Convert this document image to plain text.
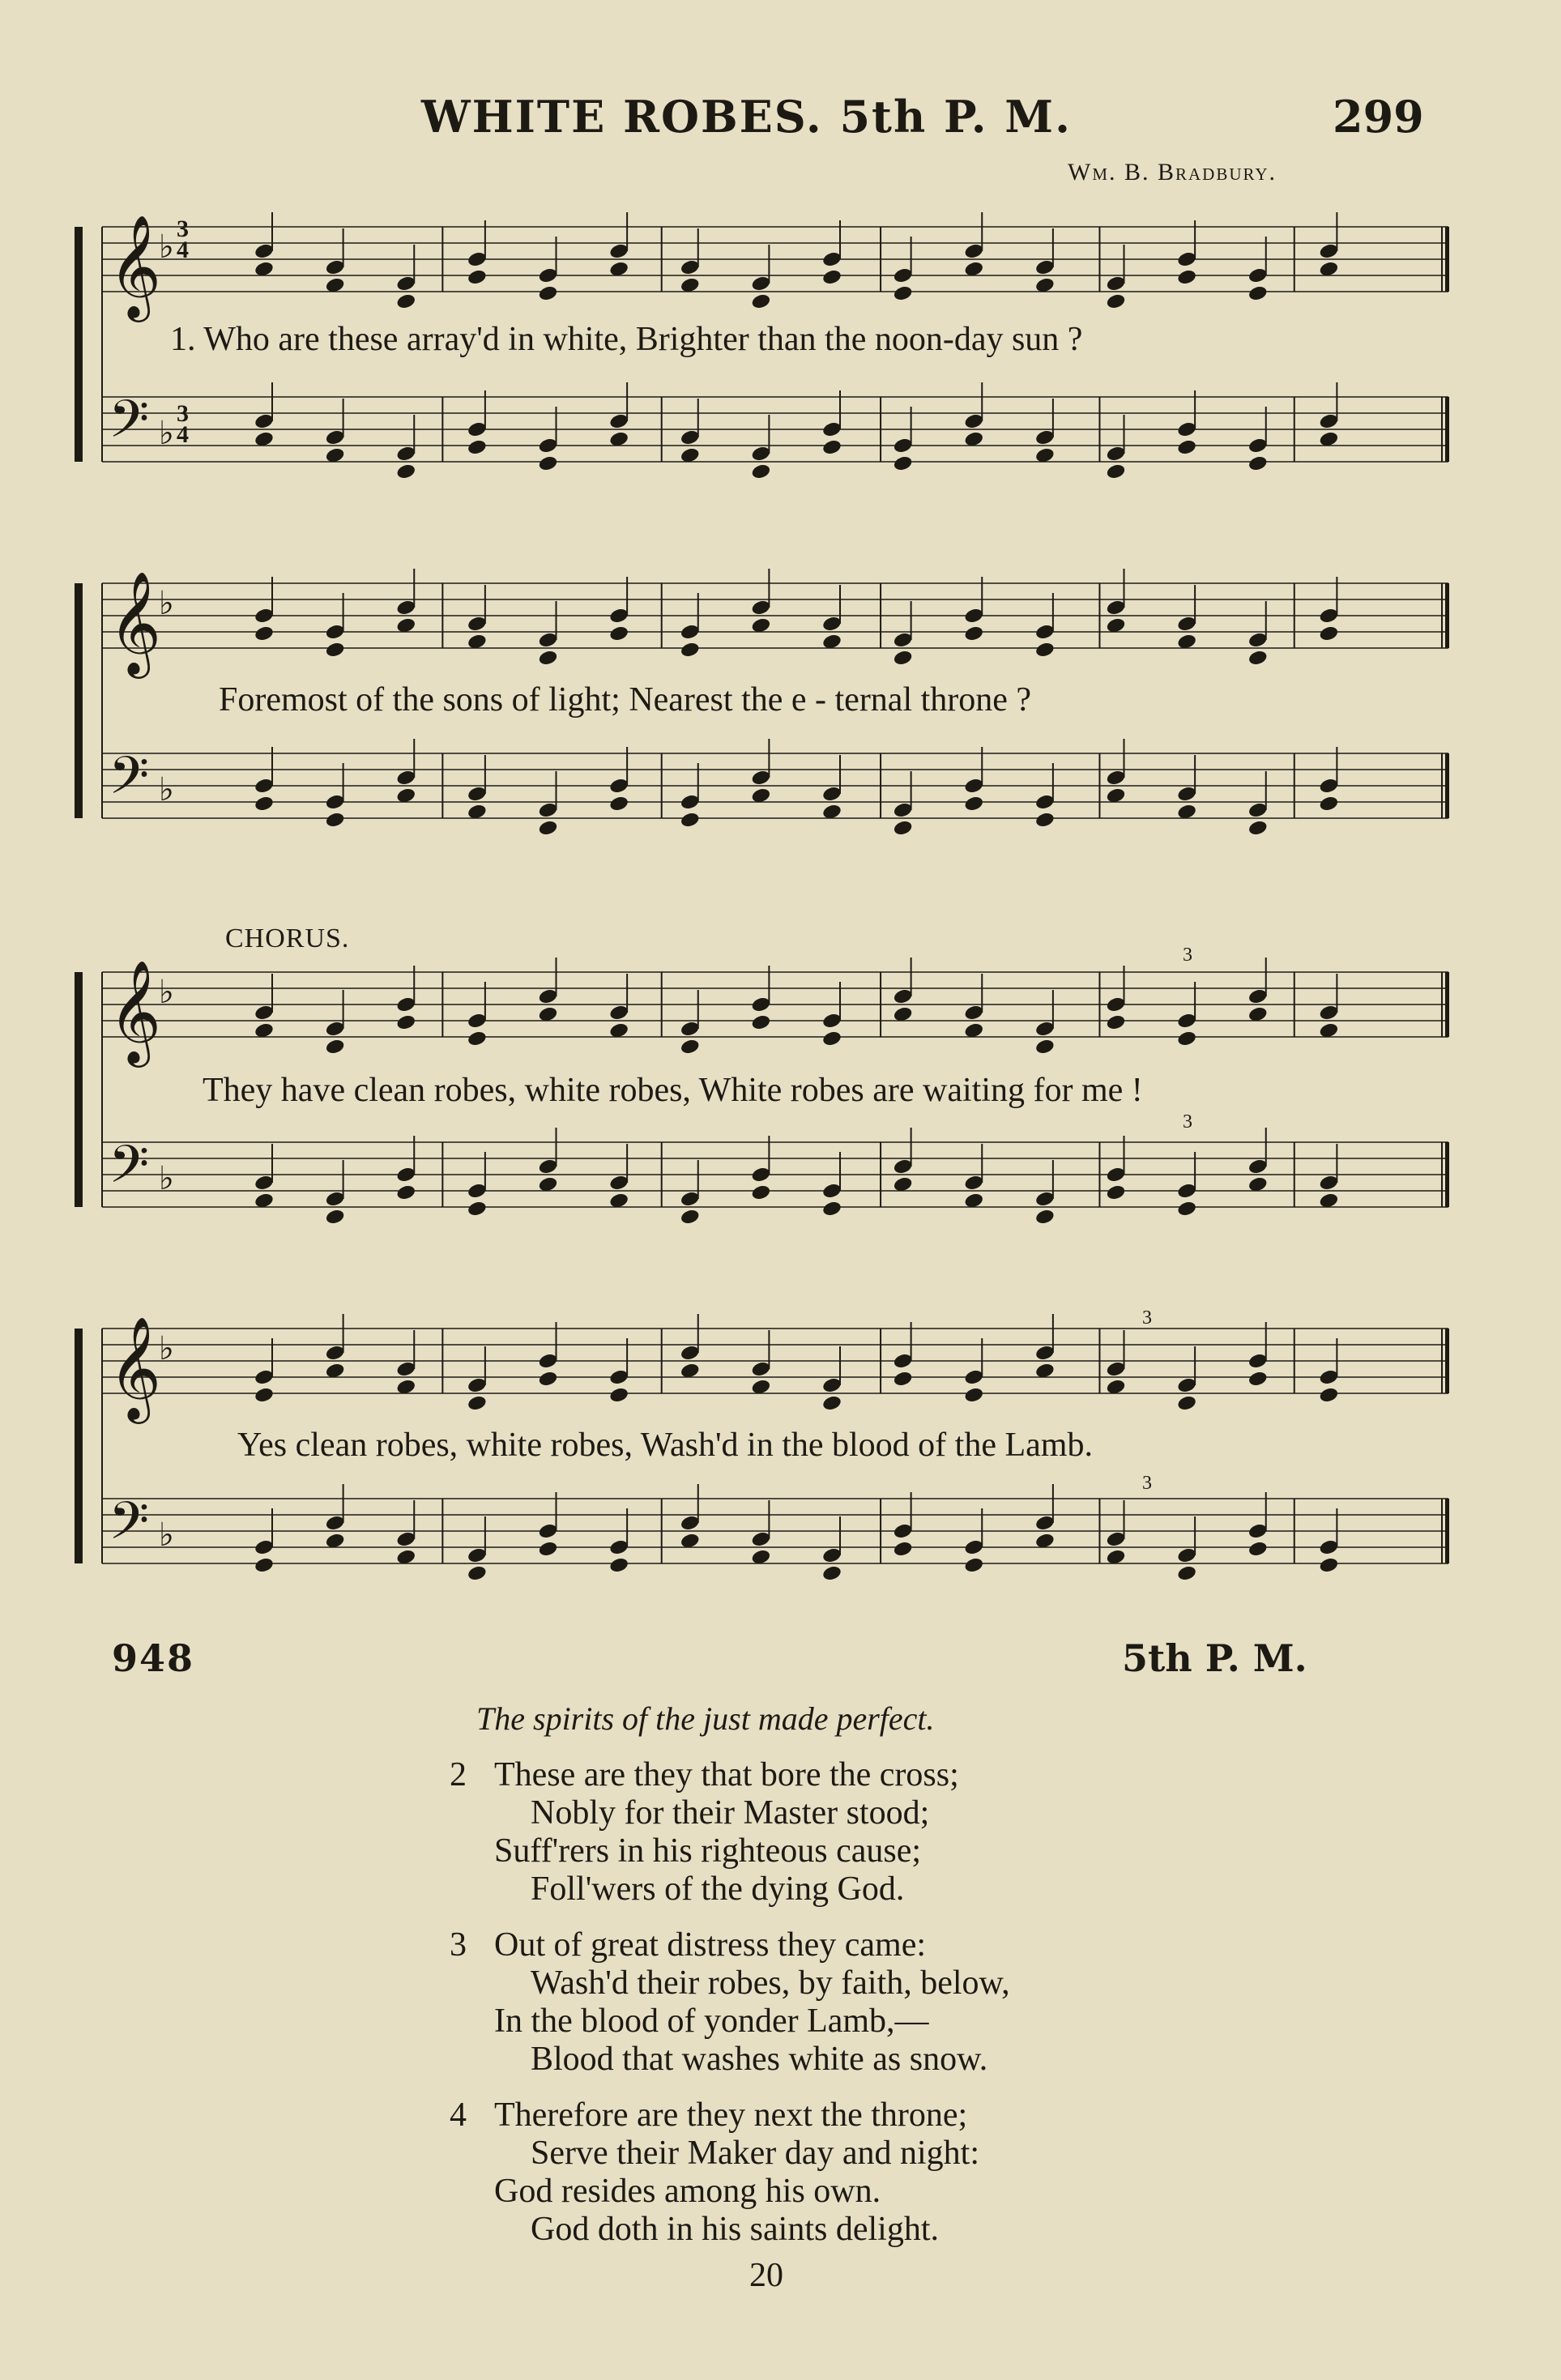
WHITE ROBES. 5th P. M.	299
Wm. B. Bradbury.
𝄞
♭
𝄢 ♭
1. Who are these array'd in white, Brighter than the noon-day sun ?
3
4
3
4
𝄞
♭
𝄢 ♭
Foremost of the sons of light; Nearest the e - ternal throne ?
CHORUS.
𝄞
♭
𝄢 ♭
They have clean robes, white robes, White robes are waiting for me !
3
3
𝄞
♭
𝄢 ♭
Yes clean robes, white robes, Wash'd in the blood of the Lamb.
3
3
948	5th P. M.
The spirits of the just made perfect.
2 These are they that bore the cross;
Nobly for their Master stood;
Suff'rers in his righteous cause;
Foll'wers of the dying God.
3 Out of great distress they came:
Wash'd their robes, by faith, below,
In the blood of yonder Lamb,—
Blood that washes white as snow.
4 Therefore are they next the throne;
Serve their Maker day and night:
God resides among his own.
God doth in his saints delight.
20
